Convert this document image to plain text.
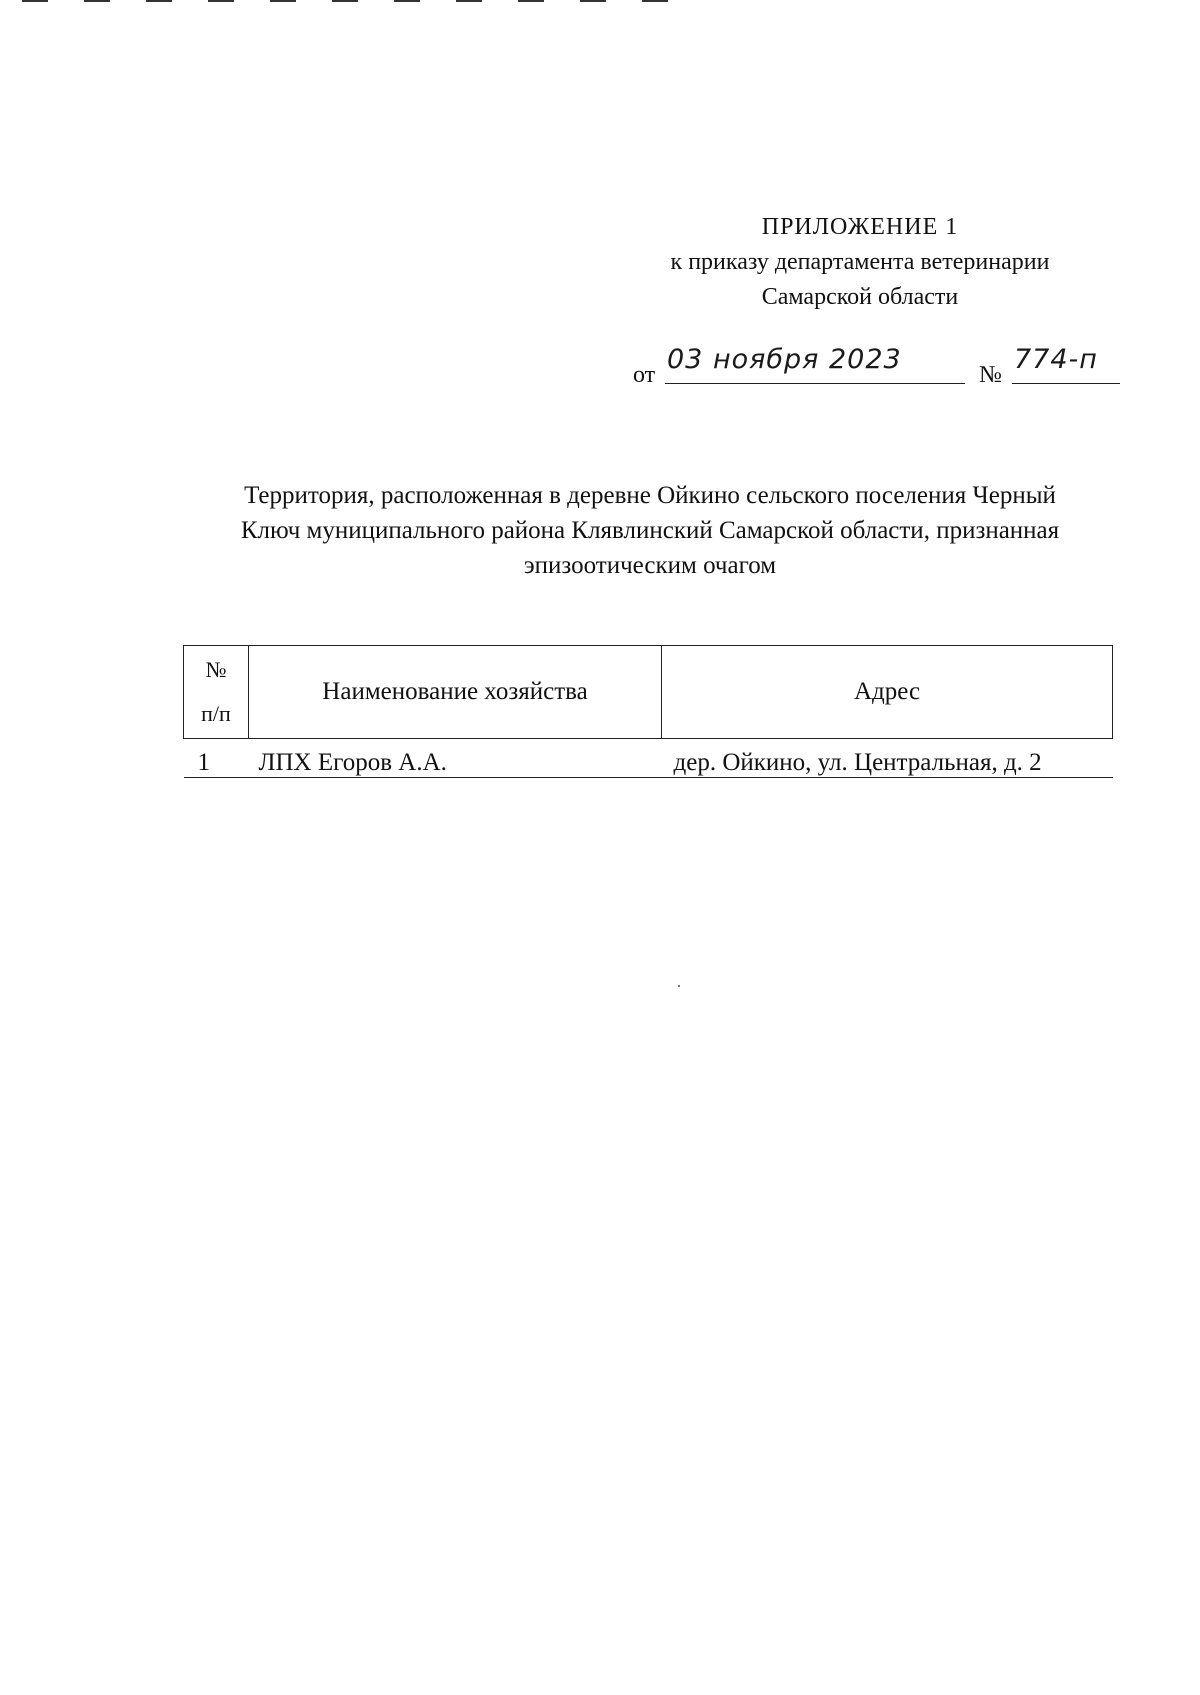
ПРИЛОЖЕНИЕ 1
к приказу департамента ветеринарии
Самарской области
от 03 ноября 2023	№ 774-п
Территория, расположенная в деревне Ойкино сельского поселения Черный
Ключ муниципального района Клявлинский Самарской области, признанная
эпизоотическим очагом
№
п/п	Наименование хозяйства	Адрес
1	ЛПХ Егоров А.А.	дер. Ойкино, ул. Центральная, д. 2
